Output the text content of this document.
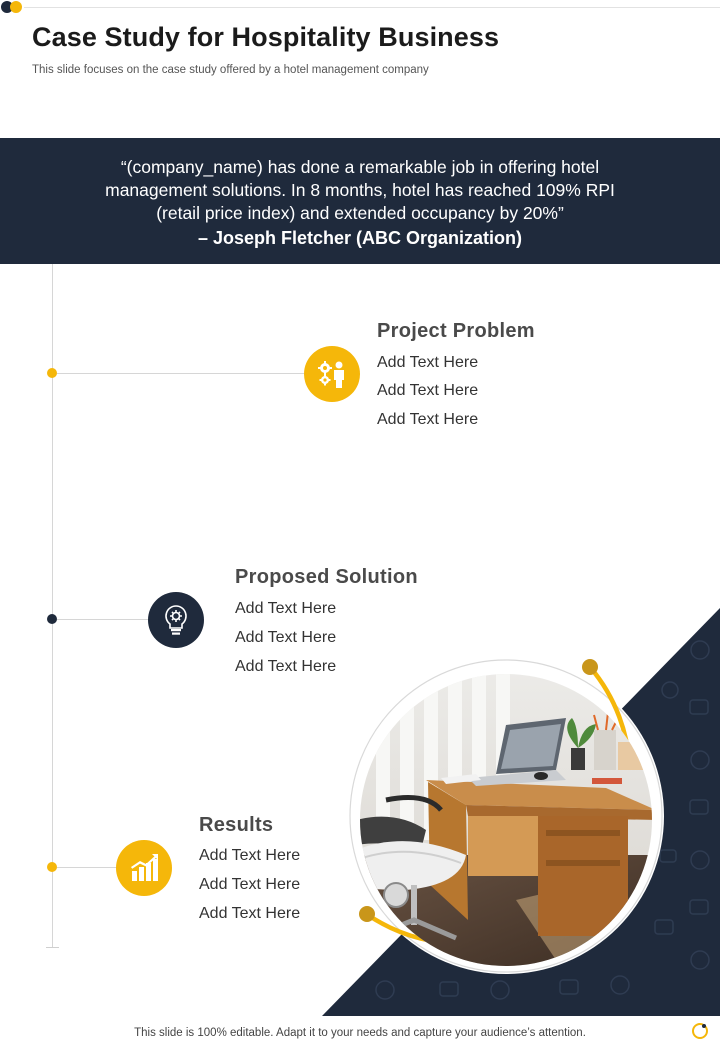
Case Study for Hospitality Business
This slide focuses on the case study offered by a hotel management company
“(company_name) has done a remarkable job in offering hotel
management solutions. In 8 months, hotel has reached 109% RPI
(retail price index) and extended occupancy by 20%”
– Joseph Fletcher (ABC Organization)
Project Problem
Add Text Here
Add Text Here
Add Text Here
Proposed Solution
Add Text Here
Add Text Here
Add Text Here
Results
Add Text Here
Add Text Here
Add Text Here
This slide is 100% editable. Adapt it to your needs and capture your audience’s attention.
